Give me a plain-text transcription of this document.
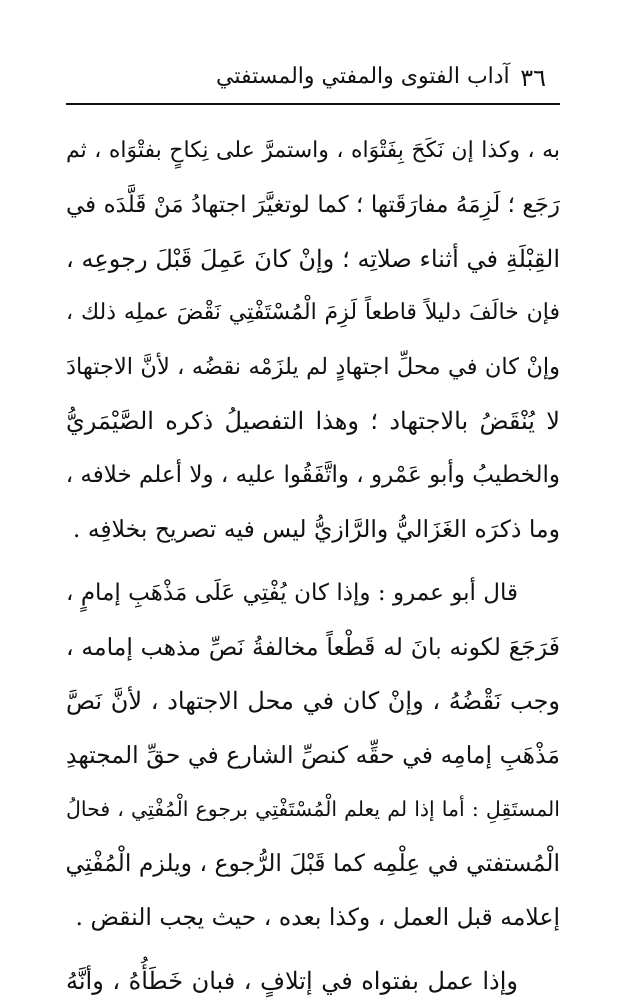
٣٦
آداب الفتوى والمفتي والمستفتي
به ، وكذا إن نَكَحَ بِفَتْوَاه ، واستمرَّ على نِكاحٍ بفتْوَاه ، ثم
رَجَع ؛ لَزِمَهُ مفارَقَتها ؛ كما لوتغيَّرَ اجتهادُ مَنْ قَلَّدَه في
القِبْلَةِ في أثناء صلاتِه ؛ وإنْ كانَ عَمِلَ قَبْلَ رجوعِه ،
فإن خالَفَ دليلاً قاطعاً لَزِمَ الْمُسْتَفْتِي نَقْضَ عملِه ذلك ،
وإنْ كان في محلِّ اجتهادٍ لم يلزَمْه نقضُه ، لأنَّ الاجتهادَ
لا يُنْقَضُ بالاجتهاد ؛ وهذا التفصيلُ ذكره الصَّيْمَريُّ
والخطيبُ وأبو عَمْرو ، واتَّفَقُوا عليه ، ولا أعلم خلافه ،
وما ذكرَه الغَزَاليُّ والرَّازيُّ ليس فيه تصريح بخلافِه .
قال أبو عمرو : وإذا كان يُفْتِي عَلَى مَذْهَبِ إمامٍ ،
فَرَجَعَ لكونه بانَ له قَطْعاً مخالفةُ نَصِّ مذهب إمامه ،
وجب نَقْضُهُ ، وإنْ كان في محل الاجتهاد ، لأنَّ نَصَّ
مَذْهَبِ إمامِه في حقِّه كنصِّ الشارع في حقِّ المجتهدِ
المستَقِلِ : أما إذا لم يعلم الْمُسْتَفْتِي برجوع الْمُفْتِي ، فحالُ
الْمُستفتي في عِلْمِه كما قَبْلَ الرُّجوع ، ويلزم الْمُفْتِي
إعلامه قبل العمل ، وكذا بعده ، حيث يجب النقض .
وإذا عمل بفتواه في إتلافٍ ، فبان خَطَأُهُ ، وأنَّهُ
